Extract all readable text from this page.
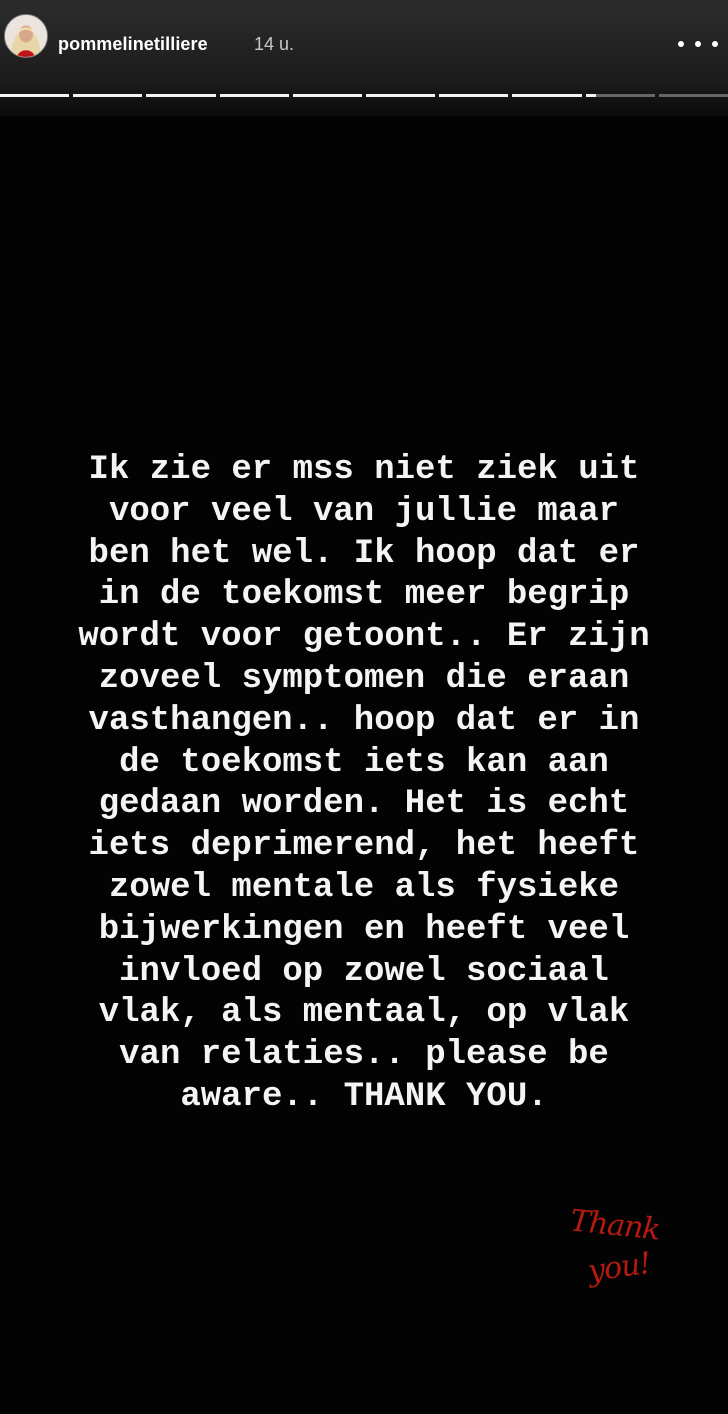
pommelinetilliere	14 u.
Ik zie er mss niet ziek uit
voor veel van jullie maar
ben het wel. Ik hoop dat er
in de toekomst meer begrip
wordt voor getoont.. Er zijn
zoveel symptomen die eraan
vasthangen.. hoop dat er in
de toekomst iets kan aan
gedaan worden. Het is echt
iets deprimerend, het heeft
zowel mentale als fysieke
bijwerkingen en heeft veel
invloed op zowel sociaal
vlak, als mentaal, op vlak
van relaties.. please be
aware.. THANK YOU.
Thank
you!
